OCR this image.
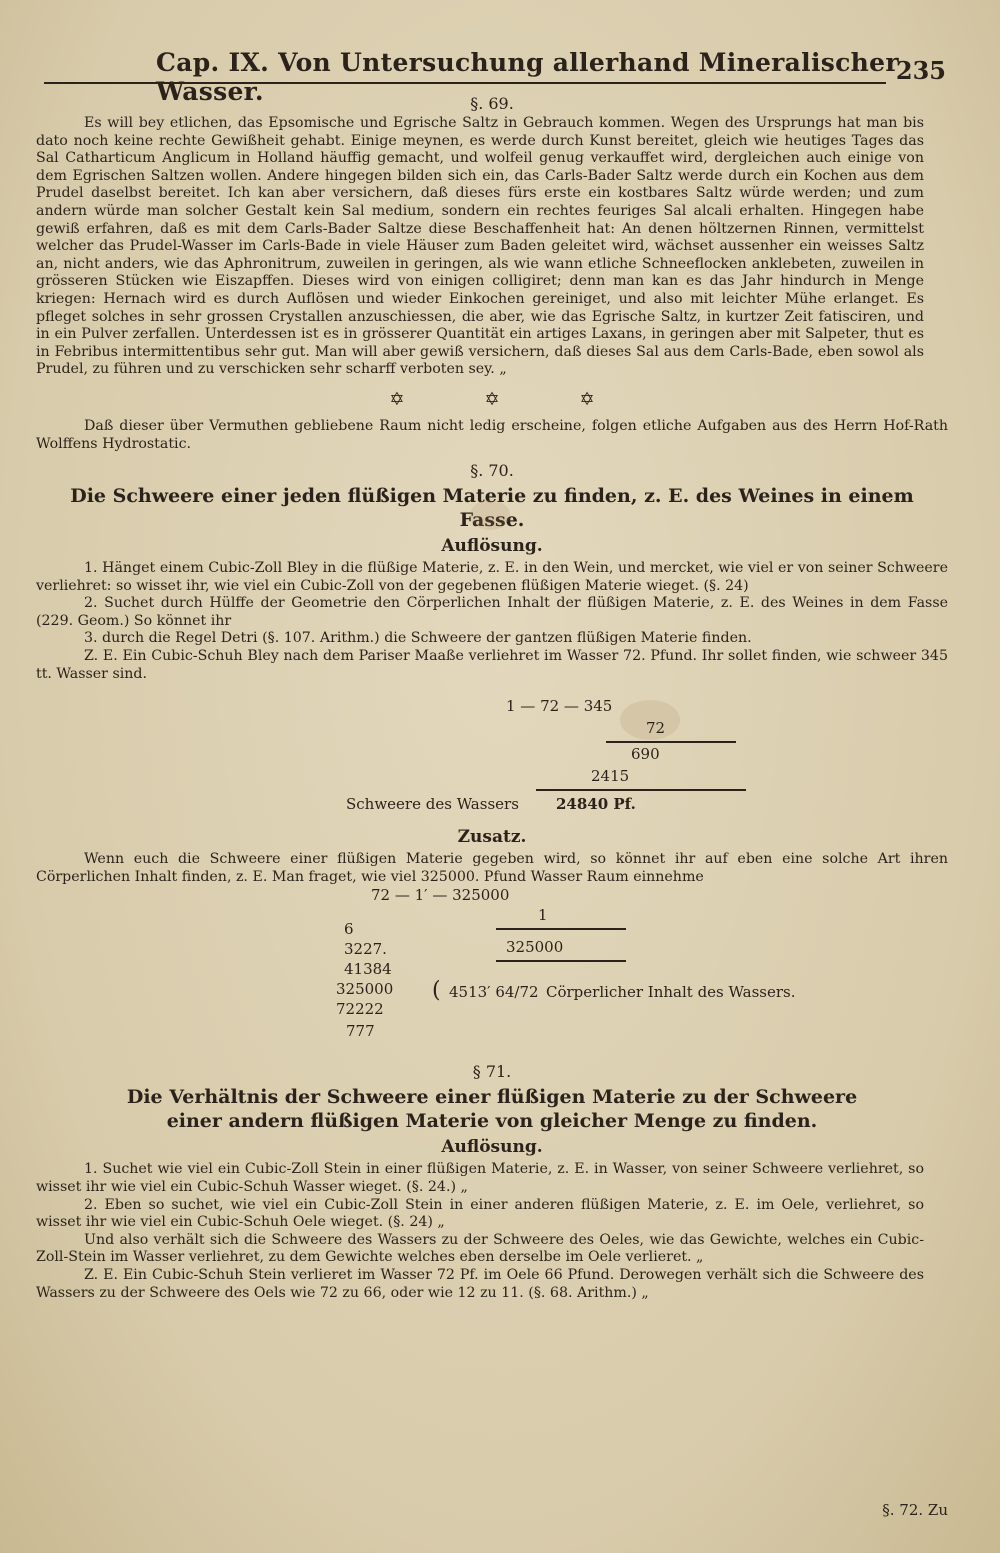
Cap. IX. Von Untersuchung allerhand Mineralischer Wasser.
235
§. 69.

Es will bey etlichen, das Epsomische und Egrische Saltz in Gebrauch kommen. Wegen des Ursprungs hat man bis dato noch keine rechte Gewißheit gehabt. Einige meynen, es werde durch Kunst bereitet, gleich wie heutiges Tages das Sal Catharticum Anglicum in Holland häuffig gemacht, und wolfeil genug verkauffet wird, dergleichen auch einige von dem Egrischen Saltzen wollen. Andere hingegen bilden sich ein, das Carls-Bader Saltz werde durch ein Kochen aus dem Prudel daselbst bereitet. Ich kan aber versichern, daß dieses fürs erste ein kostbares Saltz würde werden; und zum andern würde man solcher Gestalt kein Sal medium, sondern ein rechtes feuriges Sal alcali erhalten. Hingegen habe gewiß erfahren, daß es mit dem Carls-Bader Saltze diese Beschaffenheit hat: An denen höltzernen Rinnen, vermittelst welcher das Prudel-Wasser im Carls-Bade in viele Häuser zum Baden geleitet wird, wächset aussenher ein weisses Saltz an, nicht anders, wie das Aphronitrum, zuweilen in geringen, als wie wann etliche Schneeflocken anklebeten, zuweilen in grösseren Stücken wie Eiszapffen. Dieses wird von einigen colligiret; denn man kan es das Jahr hindurch in Menge kriegen: Hernach wird es durch Auflösen und wieder Einkochen gereiniget, und also mit leichter Mühe erlanget. Es pfleget solches in sehr grossen Crystallen anzuschiessen, die aber, wie das Egrische Saltz, in kurtzer Zeit fatisciren, und in ein Pulver zerfallen. Unterdessen ist es in grösserer Quantität ein artiges Laxans, in geringen aber mit Salpeter, thut es in Febribus intermittentibus sehr gut. Man will aber gewiß versichern, daß dieses Sal aus dem Carls-Bade, eben sowol als Prudel, zu führen und zu verschicken sehr scharff verboten sey. „

✡	✡	✡

Daß dieser über Vermuthen gebliebene Raum nicht ledig erscheine, folgen etliche Aufgaben aus des Herrn Hof-Rath Wolffens Hydrostatic.

§. 70.
Die Schweere einer jeden flüßigen Materie zu finden, z. E. des Weines in einem Fasse.
Auflösung.

1. Hänget einem Cubic-Zoll Bley in die flüßige Materie, z. E. in den Wein, und mercket, wie viel er von seiner Schweere verliehret: so wisset ihr, wie viel ein Cubic-Zoll von der gegebenen flüßigen Materie wieget. (§. 24)

2. Suchet durch Hülffe der Geometrie den Cörperlichen Inhalt der flüßigen Materie, z. E. des Weines in dem Fasse (229. Geom.) So könnet ihr

3. durch die Regel Detri (§. 107. Arithm.) die Schweere der gantzen flüßigen Materie finden.

Z. E. Ein Cubic-Schuh Bley nach dem Pariser Maaße verliehret im Wasser 72. Pfund. Ihr sollet finden, wie schweer 345 tt. Wasser sind.

1 — 72 — 345
72
690
2415
Schweere des Wassers 24840 Pf.
Zusatz.

Wenn euch die Schweere einer flüßigen Materie gegeben wird, so könnet ihr auf eben eine solche Art ihren Cörperlichen Inhalt finden, z. E. Man fraget, wie viel 325000. Pfund Wasser Raum einnehme

72 — 1′ — 325000
1
325000
6
3227.
41384
325000
72222
777
( 4513′ 64/72 Cörperlicher Inhalt des Wassers.
§ 71.
Die Verhältnis der Schweere einer flüßigen Materie zu der Schweere einer andern flüßigen Materie von gleicher Menge zu finden.
Auflösung.

1. Suchet wie viel ein Cubic-Zoll Stein in einer flüßigen Materie, z. E. in Wasser, von seiner Schweere verliehret, so wisset ihr wie viel ein Cubic-Schuh Wasser wieget. (§. 24.) „

2. Eben so suchet, wie viel ein Cubic-Zoll Stein in einer anderen flüßigen Materie, z. E. im Oele, verliehret, so wisset ihr wie viel ein Cubic-Schuh Oele wieget. (§. 24) „

Und also verhält sich die Schweere des Wassers zu der Schweere des Oeles, wie das Gewichte, welches ein Cubic-Zoll-Stein im Wasser verliehret, zu dem Gewichte welches eben derselbe im Oele verlieret. „

Z. E. Ein Cubic-Schuh Stein verlieret im Wasser 72 Pf. im Oele 66 Pfund. Derowegen verhält sich die Schweere des Wassers zu der Schweere des Oels wie 72 zu 66, oder wie 12 zu 11. (§. 68. Arithm.) „

§. 72. Zu
